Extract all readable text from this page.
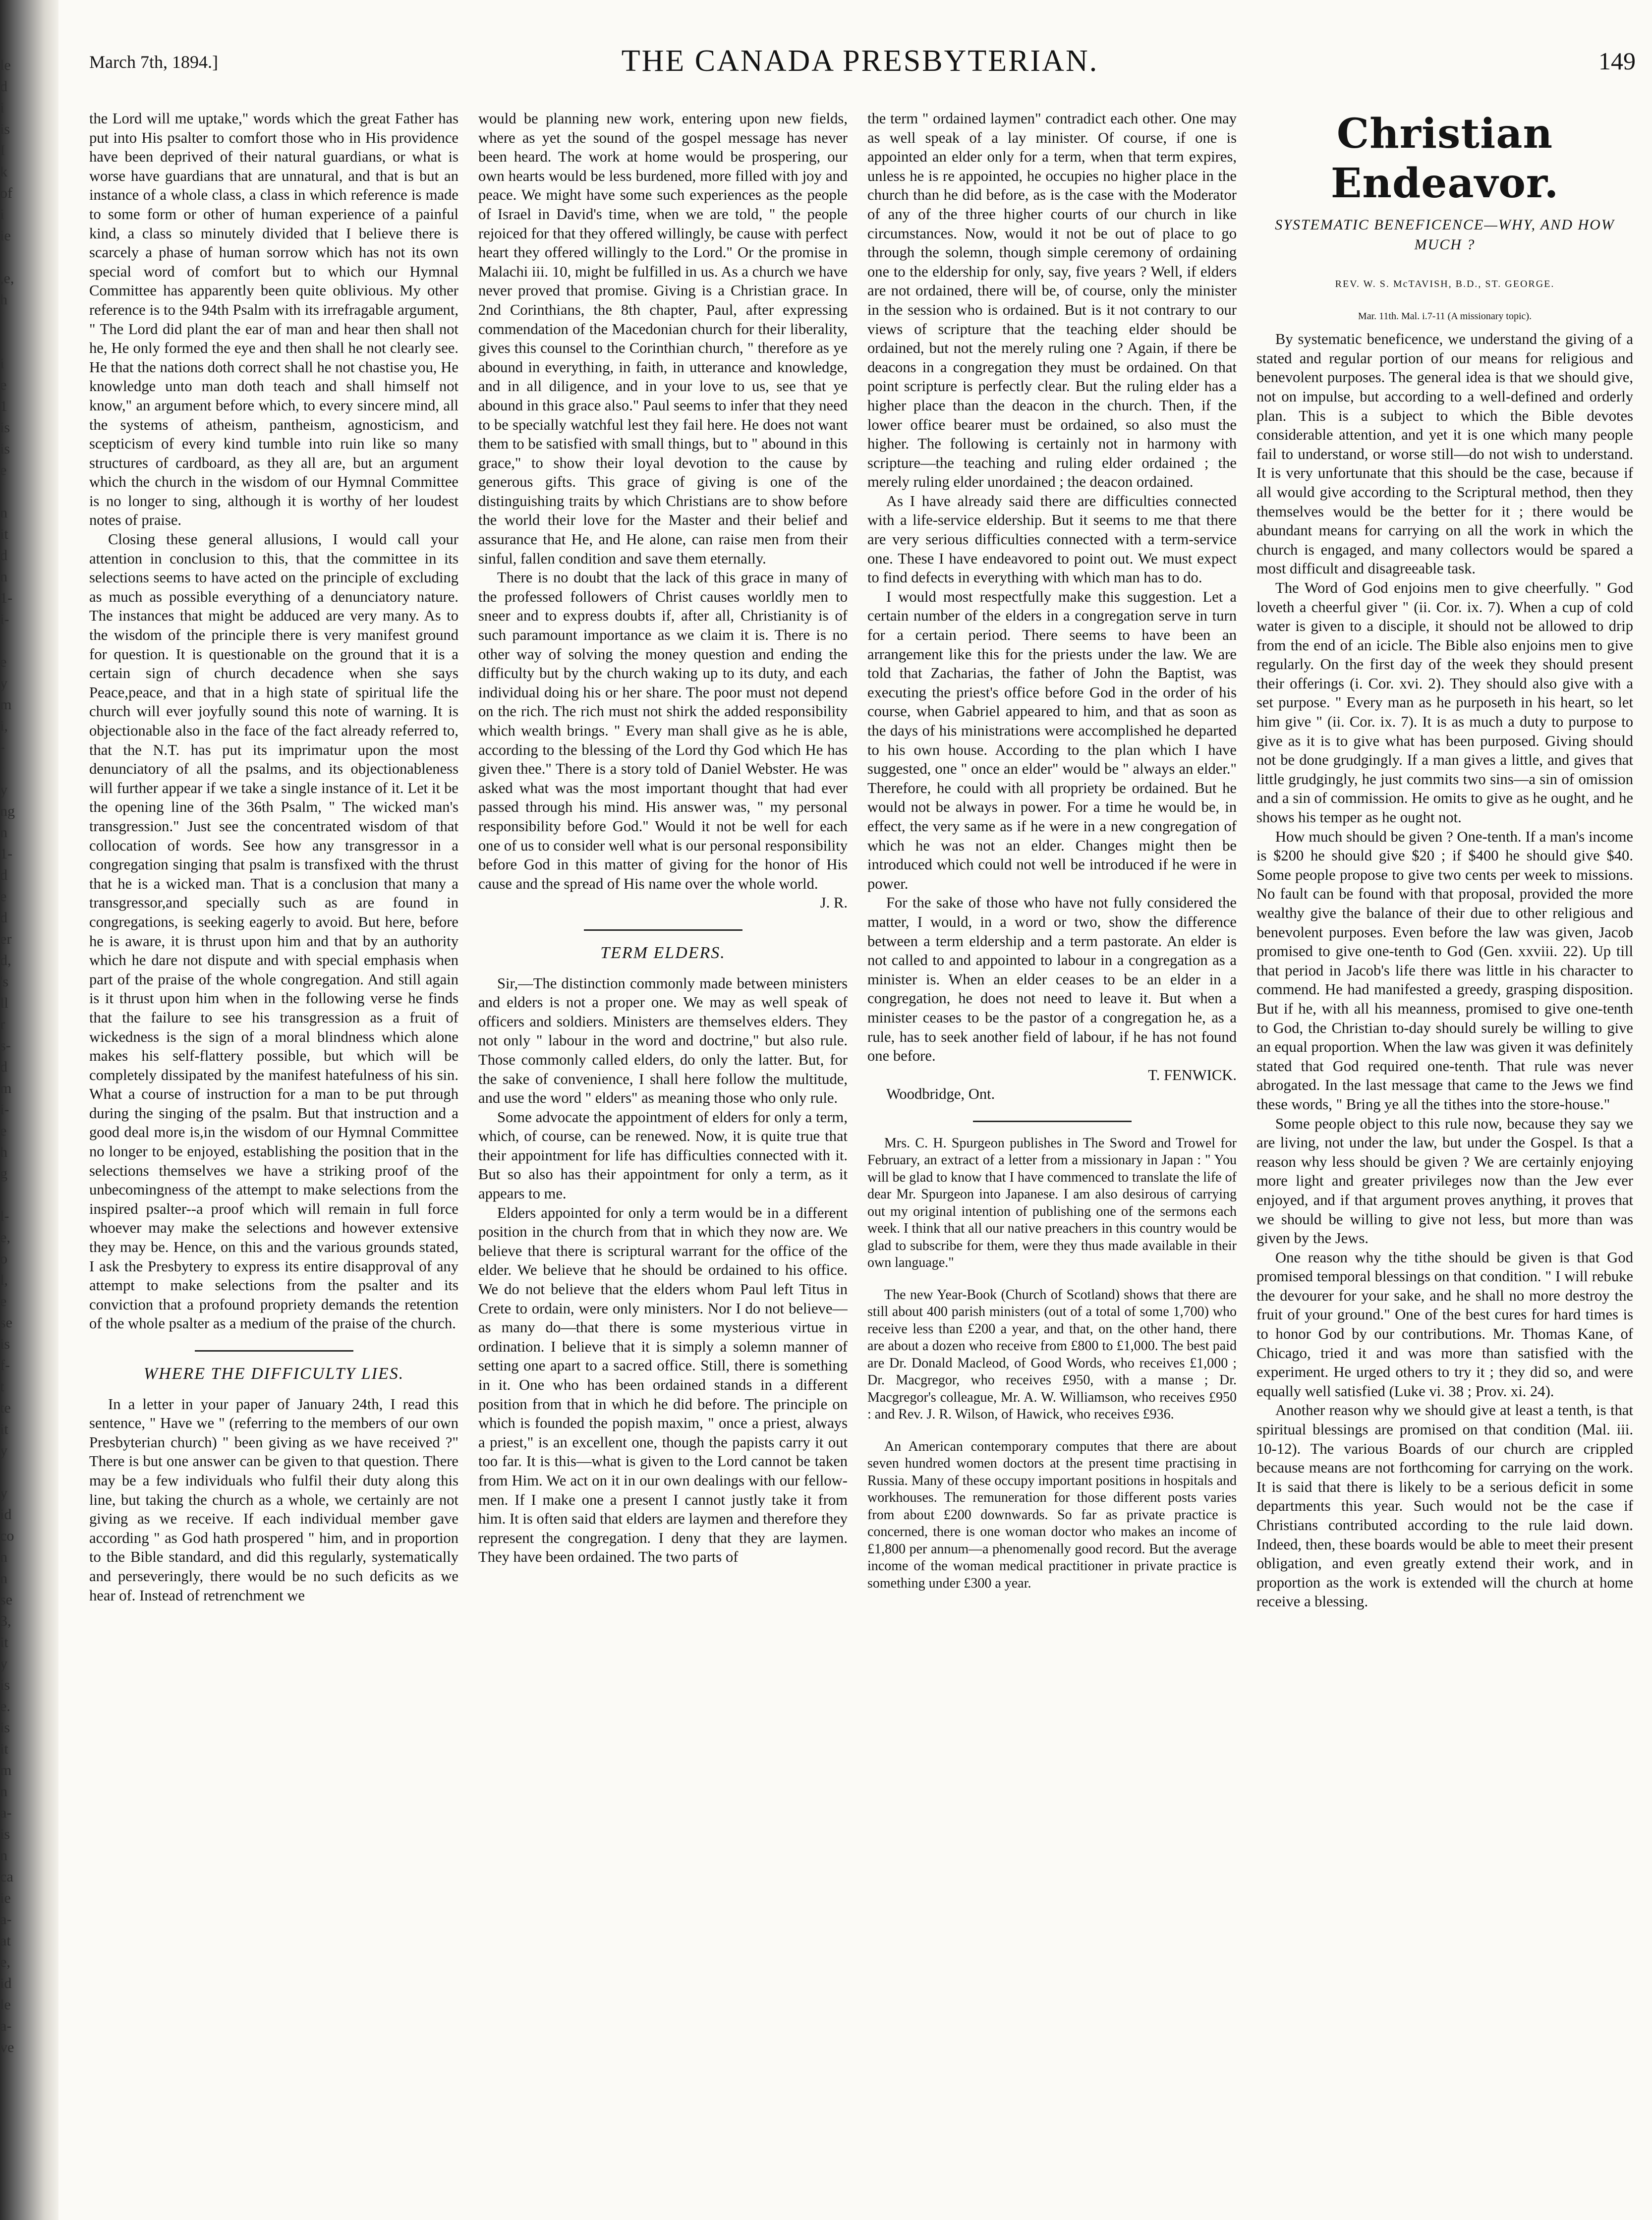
le
d
i
is
I
k
of
i
ie
,e,
h
i
e
1
is
is
e
n
it
d
n
1-
i-
e
y
m
i,
-
y
ng
n
1-
d
e
d
er
d,
's
ll
r
s-
d
m
i-
e
h
g
l-
e,
o
l,
e
se
is
f-
t
te
it
y
y
id
co
n
n
se
3,
it
y
is
e.
is
it
m
n
a-
is
n
ca
ie
a-
at
e,
id
le
a-
ve
March 7th, 1894.]	THE CANADA PRESBYTERIAN.	149

the Lord will me uptake," words which the great Father has put into His psalter to comfort those who in His providence have been deprived of their natural guardians, or what is worse have guardians that are unnatural, and that is but an instance of a whole class, a class in which reference is made to some form or other of human experience of a painful kind, a class so minutely divided that I believe there is scarcely a phase of human sorrow which has not its own special word of comfort but to which our Hymnal Committee has apparently been quite oblivious. My other reference is to the 94th Psalm with its irrefragable argument, " The Lord did plant the ear of man and hear then shall not he, He only formed the eye and then shall he not clearly see. He that the nations doth correct shall he not chastise you, He knowledge unto man doth teach and shall himself not know," an argument before which, to every sincere mind, all the systems of atheism, pantheism, agnosticism, and scepticism of every kind tumble into ruin like so many structures of cardboard, as they all are, but an argument which the church in the wisdom of our Hymnal Committee is no longer to sing, although it is worthy of her loudest notes of praise.

Closing these general allusions, I would call your attention in conclusion to this, that the committee in its selections seems to have acted on the principle of excluding as much as possible everything of a denunciatory nature. The instances that might be adduced are very many. As to the wisdom of the principle there is very manifest ground for question. It is questionable on the ground that it is a certain sign of church decadence when she says Peace,peace, and that in a high state of spiritual life the church will ever joyfully sound this note of warning. It is objectionable also in the face of the fact already referred to, that the N.T. has put its imprimatur upon the most denunciatory of all the psalms, and its objectionableness will further appear if we take a single instance of it. Let it be the opening line of the 36th Psalm, " The wicked man's transgression." Just see the concentrated wisdom of that collocation of words. See how any transgressor in a congregation singing that psalm is transfixed with the thrust that he is a wicked man. That is a conclusion that many a transgressor,and specially such as are found in congregations, is seeking eagerly to avoid. But here, before he is aware, it is thrust upon him and that by an authority which he dare not dispute and with special emphasis when part of the praise of the whole congregation. And still again is it thrust upon him when in the following verse he finds that the failure to see his transgression as a fruit of wickedness is the sign of a moral blindness which alone makes his self-flattery possible, but which will be completely dissipated by the manifest hatefulness of his sin. What a course of instruction for a man to be put through during the singing of the psalm. But that instruction and a good deal more is,in the wisdom of our Hymnal Committee no longer to be enjoyed, establishing the position that in the selections themselves we have a striking proof of the unbecomingness of the attempt to make selections from the inspired psalter--a proof which will remain in full force whoever may make the selections and however extensive they may be. Hence, on this and the various grounds stated, I ask the Presbytery to express its entire disapproval of any attempt to make selections from the psalter and its conviction that a profound propriety demands the retention of the whole psalter as a medium of the praise of the church.

WHERE THE DIFFICULTY LIES.

In a letter in your paper of January 24th, I read this sentence, " Have we " (referring to the members of our own Presbyterian church) " been giving as we have received ?" There is but one answer can be given to that question. There may be a few individuals who fulfil their duty along this line, but taking the church as a whole, we certainly are not giving as we receive. If each individual member gave according " as God hath prospered " him, and in proportion to the Bible standard, and did this regularly, systematically and perseveringly, there would be no such deficits as we hear of. Instead of retrenchment we

would be planning new work, entering upon new fields, where as yet the sound of the gospel message has never been heard. The work at home would be prospering, our own hearts would be less burdened, more filled with joy and peace. We might have some such experiences as the people of Israel in David's time, when we are told, " the people rejoiced for that they offered willingly, be cause with perfect heart they offered willingly to the Lord." Or the promise in Malachi iii. 10, might be fulfilled in us. As a church we have never proved that promise. Giving is a Christian grace. In 2nd Corinthians, the 8th chapter, Paul, after expressing commendation of the Macedonian church for their liberality, gives this counsel to the Corinthian church, " therefore as ye abound in everything, in faith, in utterance and knowledge, and in all diligence, and in your love to us, see that ye abound in this grace also." Paul seems to infer that they need to be specially watchful lest they fail here. He does not want them to be satisfied with small things, but to " abound in this grace," to show their loyal devotion to the cause by generous gifts. This grace of giving is one of the distinguishing traits by which Christians are to show before the world their love for the Master and their belief and assurance that He, and He alone, can raise men from their sinful, fallen condition and save them eternally.

There is no doubt that the lack of this grace in many of the professed followers of Christ causes worldly men to sneer and to express doubts if, after all, Christianity is of such paramount importance as we claim it is. There is no other way of solving the money question and ending the difficulty but by the church waking up to its duty, and each individual doing his or her share. The poor must not depend on the rich. The rich must not shirk the added responsibility which wealth brings. " Every man shall give as he is able, according to the blessing of the Lord thy God which He has given thee." There is a story told of Daniel Webster. He was asked what was the most important thought that had ever passed through his mind. His answer was, " my personal responsibility before God." Would it not be well for each one of us to consider well what is our personal responsibility before God in this matter of giving for the honor of His cause and the spread of His name over the whole world.

J. R.

TERM ELDERS.

Sir,—The distinction commonly made between ministers and elders is not a proper one. We may as well speak of officers and soldiers. Ministers are themselves elders. They not only " labour in the word and doctrine," but also rule. Those commonly called elders, do only the latter. But, for the sake of convenience, I shall here follow the multitude, and use the word " elders" as meaning those who only rule.

Some advocate the appointment of elders for only a term, which, of course, can be renewed. Now, it is quite true that their appointment for life has difficulties connected with it. But so also has their appointment for only a term, as it appears to me.

Elders appointed for only a term would be in a different position in the church from that in which they now are. We believe that there is scriptural warrant for the office of the elder. We believe that he should be ordained to his office. We do not believe that the elders whom Paul left Titus in Crete to ordain, were only ministers. Nor I do not believe—as many do—that there is some mysterious virtue in ordination. I believe that it is simply a solemn manner of setting one apart to a sacred office. Still, there is something in it. One who has been ordained stands in a different position from that in which he did before. The principle on which is founded the popish maxim, " once a priest, always a priest," is an excellent one, though the papists carry it out too far. It is this—what is given to the Lord cannot be taken from Him. We act on it in our own dealings with our fellow-men. If I make one a present I cannot justly take it from him. It is often said that elders are laymen and therefore they represent the congregation. I deny that they are laymen. They have been ordained. The two parts of

the term " ordained laymen" contradict each other. One may as well speak of a lay minister. Of course, if one is appointed an elder only for a term, when that term expires, unless he is re appointed, he occupies no higher place in the church than he did before, as is the case with the Moderator of any of the three higher courts of our church in like circumstances. Now, would it not be out of place to go through the solemn, though simple ceremony of ordaining one to the eldership for only, say, five years ? Well, if elders are not ordained, there will be, of course, only the minister in the session who is ordained. But is it not contrary to our views of scripture that the teaching elder should be ordained, but not the merely ruling one ? Again, if there be deacons in a congregation they must be ordained. On that point scripture is perfectly clear. But the ruling elder has a higher place than the deacon in the church. Then, if the lower office bearer must be ordained, so also must the higher. The following is certainly not in harmony with scripture—the teaching and ruling elder ordained ; the merely ruling elder unordained ; the deacon ordained.

As I have already said there are difficulties connected with a life-service eldership. But it seems to me that there are very serious difficulties connected with a term-service one. These I have endeavored to point out. We must expect to find defects in everything with which man has to do.

I would most respectfully make this suggestion. Let a certain number of the elders in a congregation serve in turn for a certain period. There seems to have been an arrangement like this for the priests under the law. We are told that Zacharias, the father of John the Baptist, was executing the priest's office before God in the order of his course, when Gabriel appeared to him, and that as soon as the days of his ministrations were accomplished he departed to his own house. According to the plan which I have suggested, one " once an elder" would be " always an elder." Therefore, he could with all propriety be ordained. But he would not be always in power. For a time he would be, in effect, the very same as if he were in a new congregation of which he was not an elder. Changes might then be introduced which could not well be introduced if he were in power.

For the sake of those who have not fully considered the matter, I would, in a word or two, show the difference between a term eldership and a term pastorate. An elder is not called to and appointed to labour in a congregation as a minister is. When an elder ceases to be an elder in a congregation, he does not need to leave it. But when a minister ceases to be the pastor of a congregation he, as a rule, has to seek another field of labour, if he has not found one before.

T. FENWICK.

Woodbridge, Ont.

Mrs. C. H. Spurgeon publishes in The Sword and Trowel for February, an extract of a letter from a missionary in Japan : " You will be glad to know that I have commenced to translate the life of dear Mr. Spurgeon into Japanese. I am also desirous of carrying out my original intention of publishing one of the sermons each week. I think that all our native preachers in this country would be glad to subscribe for them, were they thus made available in their own language."

The new Year-Book (Church of Scotland) shows that there are still about 400 parish ministers (out of a total of some 1,700) who receive less than £200 a year, and that, on the other hand, there are about a dozen who receive from £800 to £1,000. The best paid are Dr. Donald Macleod, of Good Words, who receives £1,000 ; Dr. Macgregor, who receives £950, with a manse ; Dr. Macgregor's colleague, Mr. A. W. Williamson, who receives £950 : and Rev. J. R. Wilson, of Hawick, who receives £936.

An American contemporary computes that there are about seven hundred women doctors at the present time practising in Russia. Many of these occupy important positions in hospitals and workhouses. The remuneration for those different posts varies from about £200 downwards. So far as private practice is concerned, there is one woman doctor who makes an income of £1,800 per annum—a phenomenally good record. But the average income of the woman medical practitioner in private practice is something under £300 a year.

Christian Endeavor.
SYSTEMATIC BENEFICENCE—WHY, AND HOW MUCH ?
REV. W. S. McTAVISH, B.D., ST. GEORGE.
Mar. 11th. Mal. i.7-11 (A missionary topic).

By systematic beneficence, we understand the giving of a stated and regular portion of our means for religious and benevolent purposes. The general idea is that we should give, not on impulse, but according to a well-defined and orderly plan. This is a subject to which the Bible devotes considerable attention, and yet it is one which many people fail to understand, or worse still—do not wish to understand. It is very unfortunate that this should be the case, because if all would give according to the Scriptural method, then they themselves would be the better for it ; there would be abundant means for carrying on all the work in which the church is engaged, and many collectors would be spared a most difficult and disagreeable task.

The Word of God enjoins men to give cheerfully. " God loveth a cheerful giver " (ii. Cor. ix. 7). When a cup of cold water is given to a disciple, it should not be allowed to drip from the end of an icicle. The Bible also enjoins men to give regularly. On the first day of the week they should present their offerings (i. Cor. xvi. 2). They should also give with a set purpose. " Every man as he purposeth in his heart, so let him give " (ii. Cor. ix. 7). It is as much a duty to purpose to give as it is to give what has been purposed. Giving should not be done grudgingly. If a man gives a little, and gives that little grudgingly, he just commits two sins—a sin of omission and a sin of commission. He omits to give as he ought, and he shows his temper as he ought not.

How much should be given ? One-tenth. If a man's income is $200 he should give $20 ; if $400 he should give $40. Some people propose to give two cents per week to missions. No fault can be found with that proposal, provided the more wealthy give the balance of their due to other religious and benevolent purposes. Even before the law was given, Jacob promised to give one-tenth to God (Gen. xxviii. 22). Up till that period in Jacob's life there was little in his character to commend. He had manifested a greedy, grasping disposition. But if he, with all his meanness, promised to give one-tenth to God, the Christian to-day should surely be willing to give an equal proportion. When the law was given it was definitely stated that God required one-tenth. That rule was never abrogated. In the last message that came to the Jews we find these words, " Bring ye all the tithes into the store-house."

Some people object to this rule now, because they say we are living, not under the law, but under the Gospel. Is that a reason why less should be given ? We are certainly enjoying more light and greater privileges now than the Jew ever enjoyed, and if that argument proves anything, it proves that we should be willing to give not less, but more than was given by the Jews.

One reason why the tithe should be given is that God promised temporal blessings on that condition. " I will rebuke the devourer for your sake, and he shall no more destroy the fruit of your ground." One of the best cures for hard times is to honor God by our contributions. Mr. Thomas Kane, of Chicago, tried it and was more than satisfied with the experiment. He urged others to try it ; they did so, and were equally well satisfied (Luke vi. 38 ; Prov. xi. 24).

Another reason why we should give at least a tenth, is that spiritual blessings are promised on that condition (Mal. iii. 10-12). The various Boards of our church are crippled because means are not forthcoming for carrying on the work. It is said that there is likely to be a serious deficit in some departments this year. Such would not be the case if Christians contributed according to the rule laid down. Indeed, then, these boards would be able to meet their present obligation, and even greatly extend their work, and in proportion as the work is extended will the church at home receive a blessing.
